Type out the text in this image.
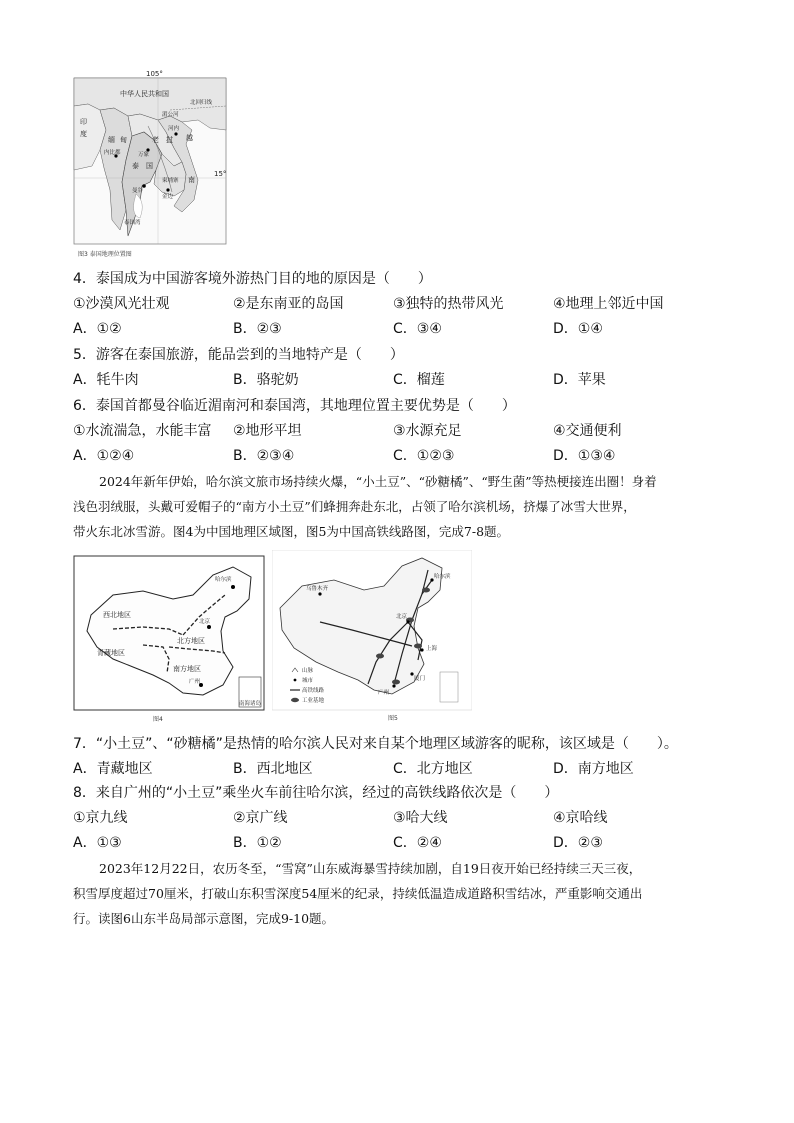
105°
15°
中华人民共和国
北回归线
印
度
缅 甸	老 挝 越
南
泰 国
柬埔寨
泰国湾
湄公河
河内
内比都	万象
曼谷
金边
图3 泰国地理位置图
4．泰国成为中国游客境外游热门目的地的原因是（　　）
①沙漠风光壮观	②是东南亚的岛国	③独特的热带风光	④地理上邻近中国
A．①②	B．②③	C．③④	D．①④
5．游客在泰国旅游，能品尝到的当地特产是（　　）
A．牦牛肉	B．骆驼奶	C．榴莲	D．苹果
6．泰国首都曼谷临近湄南河和泰国湾，其地理位置主要优势是（　　）
①水流湍急，水能丰富 ②地形平坦	③水源充足	④交通便利
A．①②④	B．②③④	C．①②③	D．①③④
2024年新年伊始，哈尔滨文旅市场持续火爆，“小土豆”、“砂糖橘”、“野生菌”等热梗接连出圈！身着
浅色羽绒服，头戴可爱帽子的“南方小土豆”们蜂拥奔赴东北，占领了哈尔滨机场，挤爆了冰雪大世界，
带火东北冰雪游。图4为中国地理区域图，图5为中国高铁线路图，完成7-8题。
西北地区
青藏地区
北方地区
南方地区
哈尔滨
北京
广州
南海诸岛
图4
乌鲁木齐
哈尔滨
北京
上海
广州
厦门
山脉
城市
高铁线路
工业基地
图5
7．“小土豆”、“砂糖橘”是热情的哈尔滨人民对来自某个地理区域游客的昵称，该区域是（　　）。
A．青藏地区	B．西北地区	C．北方地区	D．南方地区
8．来自广州的“小土豆”乘坐火车前往哈尔滨，经过的高铁线路依次是（　　）
①京九线	②京广线	③哈大线	④京哈线
A．①③	B．①②	C．②④	D．②③
2023年12月22日，农历冬至，“雪窝”山东威海暴雪持续加剧，自19日夜开始已经持续三天三夜，
积雪厚度超过70厘米，打破山东积雪深度54厘米的纪录，持续低温造成道路积雪结冰，严重影响交通出
行。读图6山东半岛局部示意图，完成9-10题。
